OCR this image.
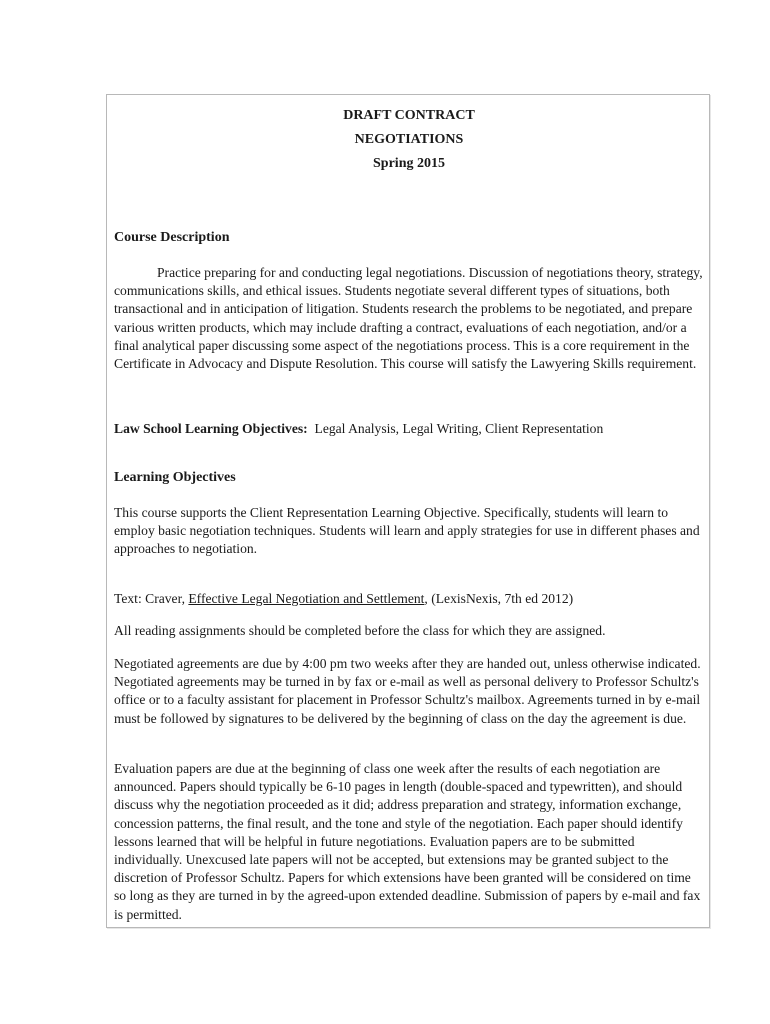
DRAFT CONTRACT
NEGOTIATIONS
Spring 2015
Course Description

Practice preparing for and conducting legal negotiations. Discussion of negotiations theory, strategy, communications skills, and ethical issues. Students negotiate several different types of situations, both transactional and in anticipation of litigation. Students research the problems to be negotiated, and prepare various written products, which may include drafting a contract, evaluations of each negotiation, and/or a final analytical paper discussing some aspect of the negotiations process. This is a core requirement in the Certificate in Advocacy and Dispute Resolution. This course will satisfy the Lawyering Skills requirement.

Law School Learning Objectives: Legal Analysis, Legal Writing, Client Representation
Learning Objectives

This course supports the Client Representation Learning Objective. Specifically, students will learn to employ basic negotiation techniques. Students will learn and apply strategies for use in different phases and approaches to negotiation.

Text: Craver, Effective Legal Negotiation and Settlement, (LexisNexis, 7th ed 2012)

All reading assignments should be completed before the class for which they are assigned.

Negotiated agreements are due by 4:00 pm two weeks after they are handed out, unless otherwise indicated. Negotiated agreements may be turned in by fax or e-mail as well as personal delivery to Professor Schultz's office or to a faculty assistant for placement in Professor Schultz's mailbox. Agreements turned in by e-mail must be followed by signatures to be delivered by the beginning of class on the day the agreement is due.

Evaluation papers are due at the beginning of class one week after the results of each negotiation are announced. Papers should typically be 6-10 pages in length (double-spaced and typewritten), and should discuss why the negotiation proceeded as it did; address preparation and strategy, information exchange, concession patterns, the final result, and the tone and style of the negotiation. Each paper should identify lessons learned that will be helpful in future negotiations. Evaluation papers are to be submitted individually. Unexcused late papers will not be accepted, but extensions may be granted subject to the discretion of Professor Schultz. Papers for which extensions have been granted will be considered on time so long as they are turned in by the agreed-upon extended deadline. Submission of papers by e-mail and fax is permitted.
